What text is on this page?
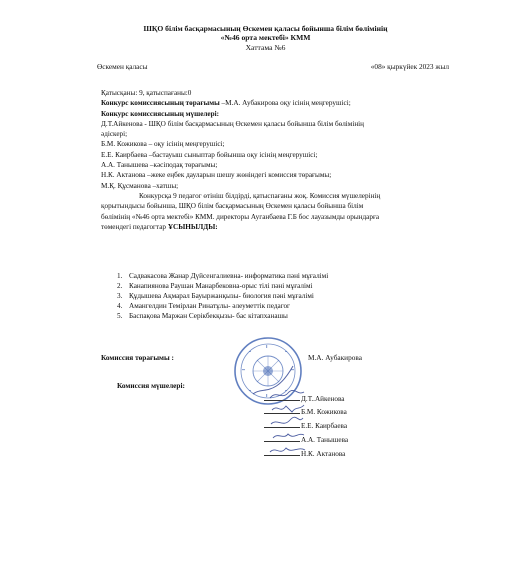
ШҚО білім басқармасының Өскемен қаласы бойынша білім бөлімінің
«№46 орта мектебі» КММ
Хаттама №6
Өскемен қаласы	«08» қыркүйек 2023 жыл
Қатысқаны: 9, қатыспағаны:0
Конкурс комиссиясының төрағымы –М.А. Аубакирова оқу ісінің меңгерушісі;
Конкурс комиссиясының мүшелері:
Д.Т.Айкенова - ШҚО білім басқармасының Өскемен қаласы бойынша білім бөлімінің
әдіскері;
Б.М. Кожикова – оқу ісінің меңгерушісі;
Е.Е. Каирбаева –бастауыш сыныптар бойынша оқу ісінің меңгерушісі;
А.А. Танышева –кәсіподақ төрағымы;
Н.К. Актанова –жеке еңбек дауларын шешу жөніндегі комиссия төрағымы;
М.Қ. Құсманова –хатшы;
Конкурсқа 9 педагог өтініш білдірді, қатыспағаны жоқ. Комиссия мүшелерінің
қорытындысы бойынша, ШҚО білім басқармасының Өскемен қаласы бойынша білім
бөлімінің «№46 орта мектебі» КММ. директоры Ауганбаева Г.Б бос лауазымды орындарға
төмендегі педагогтар ҰСЫНЫЛДЫ:
1. Садвакасова Жанар Дүйсенгалиевна- информатика пәні мұғалімі
2. Канапиянова Раушан Манарбековна-орыс тілі пәні мұғалімі
3. Құдышева Ақмарал Бауыржанқызы- биология пәні мұғалімі
4. Амангелдин Темірлан Ринатұлы- әлеуметтік педагог
5. Баспақова Маржан Серікбекқызы- бас кітапханашы
Комиссия төрағымы :	М.А. Аубакирова
Комиссия мүшелері:
Д.Т..Айкенова
Б.М. Кожикова
Е.Е. Каирбаева
А.А. Танышева
Н.К. Актанова
